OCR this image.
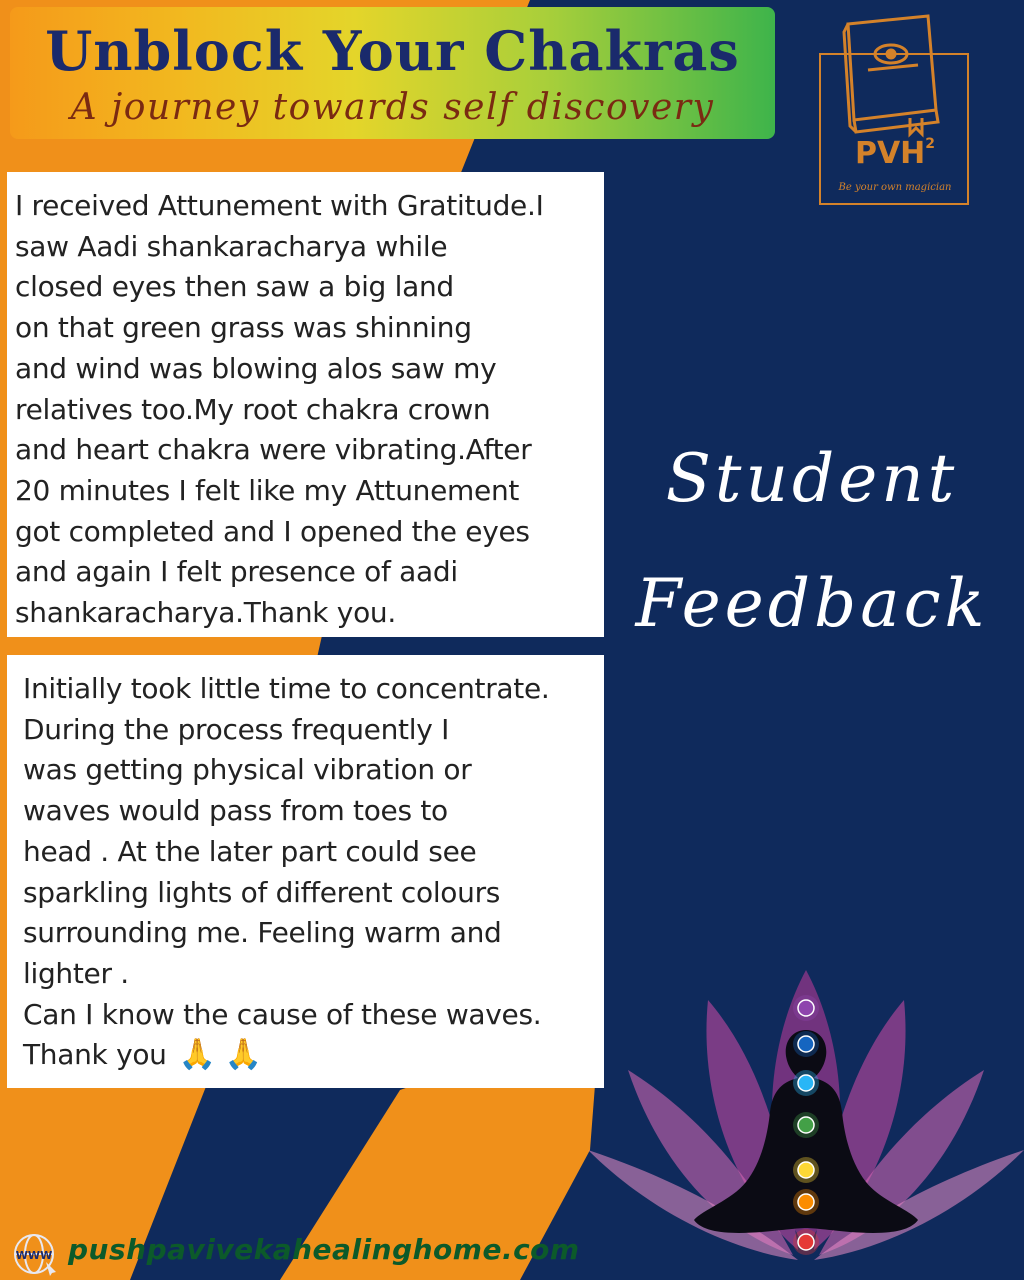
Unblock Your Chakras
A journey towards self discovery
PVH$^2$
Be your own magician

I received Attunement with Gratitude.I
saw Aadi shankaracharya while
closed eyes then saw a big land
on that green grass was shinning
and wind was blowing alos saw my
relatives too.My root chakra crown
and heart chakra were vibrating.After
20 minutes I felt like my Attunement
got completed and I opened the eyes
and again I felt presence of aadi
shankaracharya.Thank you.

Initially took little time to concentrate.
During the process frequently I
was getting physical vibration or
waves would pass from toes to
head . At the later part could see
sparkling lights of different colours
surrounding me. Feeling warm and
lighter .
Can I know the cause of these waves.
Thank you 🙏 🙏

Student
Feedback
WWW pushpavivekahealinghome.com
